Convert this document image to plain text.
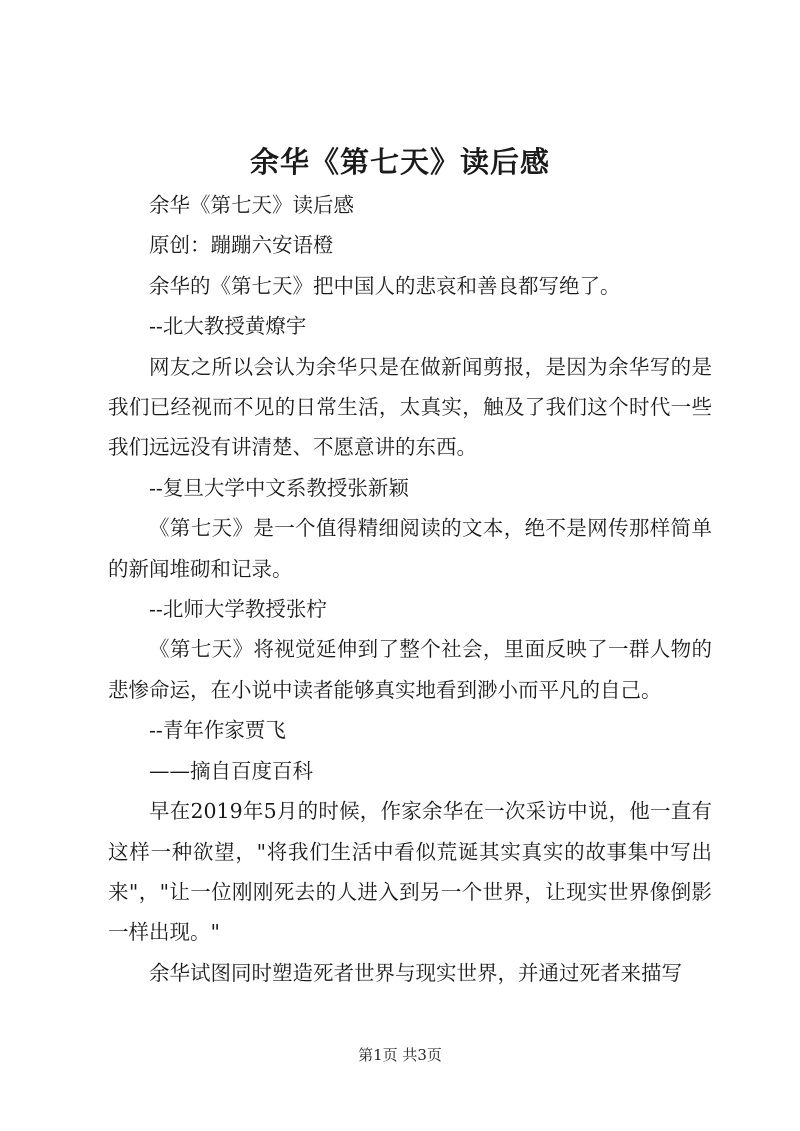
余华《第七天》读后感

余华《第七天》读后感

原创：蹦蹦六安语橙

余华的《第七天》把中国人的悲哀和善良都写绝了。

--北大教授黄燎宇

网友之所以会认为余华只是在做新闻剪报，是因为余华写的是我们已经视而不见的日常生活，太真实，触及了我们这个时代一些我们远远没有讲清楚、不愿意讲的东西。

--复旦大学中文系教授张新颖

《第七天》是一个值得精细阅读的文本，绝不是网传那样简单的新闻堆砌和记录。

--北师大学教授张柠

《第七天》将视觉延伸到了整个社会，里面反映了一群人物的悲惨命运，在小说中读者能够真实地看到渺小而平凡的自己。

--青年作家贾飞

——摘自百度百科

早在2019年5月的时候，作家余华在一次采访中说，他一直有这样一种欲望，"将我们生活中看似荒诞其实真实的故事集中写出来"，"让一位刚刚死去的人进入到另一个世界，让现实世界像倒影一样出现。"

余华试图同时塑造死者世界与现实世界，并通过死者来描写

第1页 共3页
